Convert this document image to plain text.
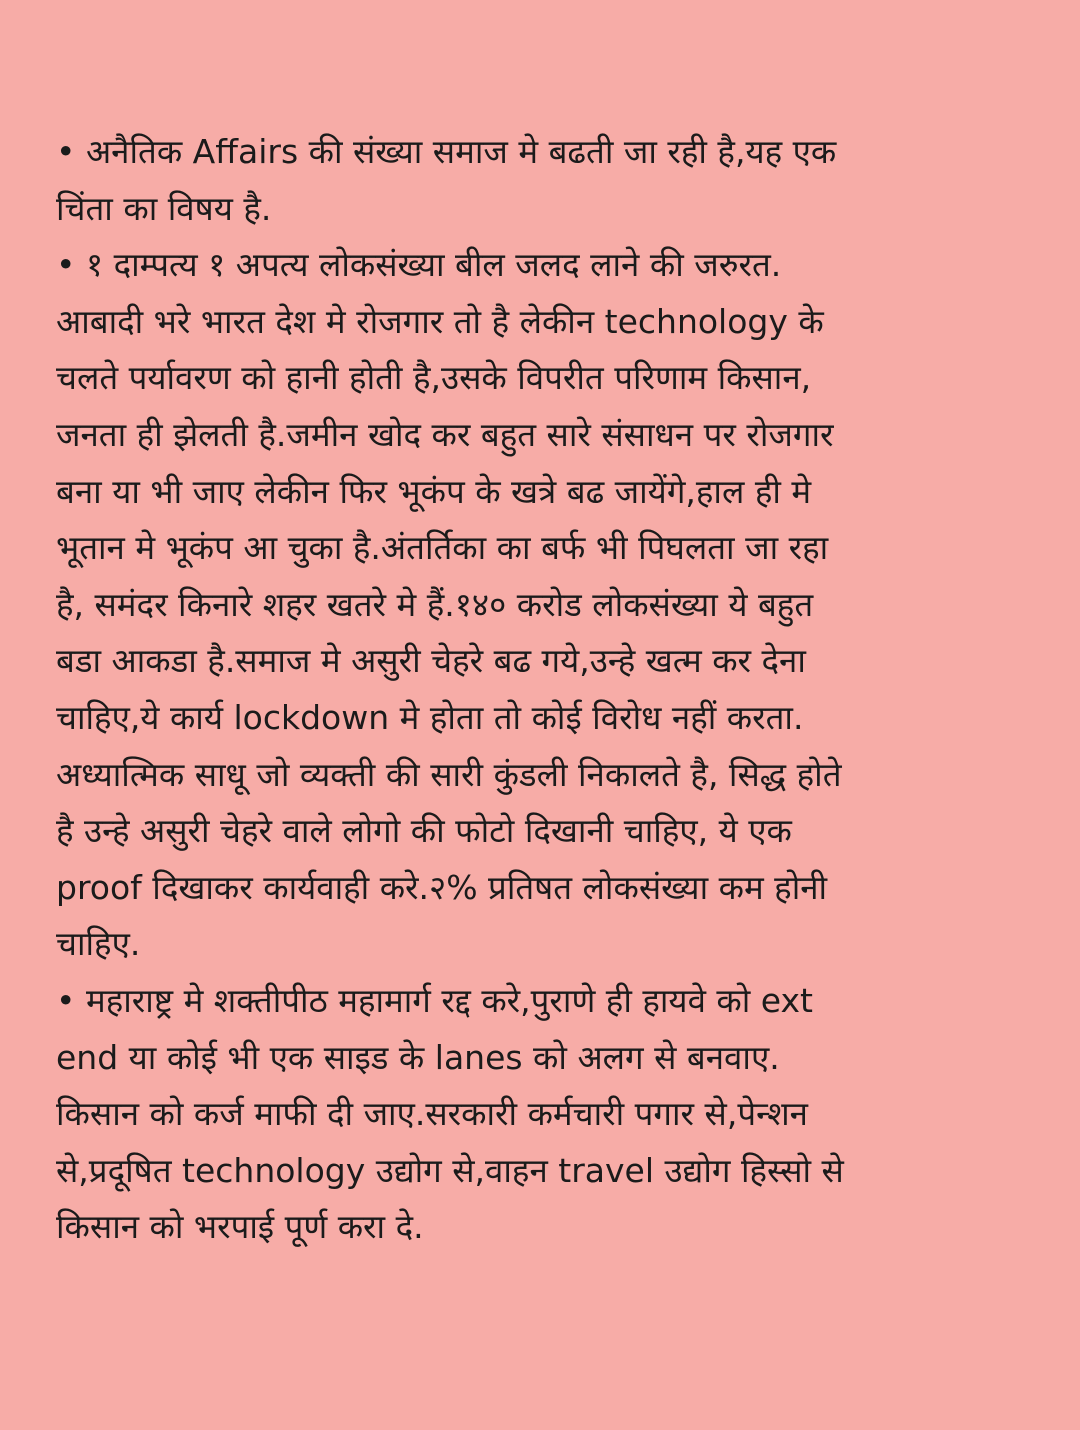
• अनैतिक Affairs की संख्या समाज मे बढती जा रही है,यह एक
चिंता का विषय है.
• १ दाम्पत्य १ अपत्य लोकसंख्या बील जलद लाने की जरुरत.
आबादी भरे भारत देश मे रोजगार तो है लेकीन technology के
चलते पर्यावरण को हानी होती है,उसके विपरीत परिणाम किसान,
जनता ही झेलती है.जमीन खोद कर बहुत सारे संसाधन पर रोजगार
बना या भी जाए लेकीन फिर भूकंप के खत्रे बढ जायेंगे,हाल ही मे
भूतान मे भूकंप आ चुका है.अंतर्तिका का बर्फ भी पिघलता जा रहा
है, समंदर किनारे शहर खतरे मे हैं.१४० करोड लोकसंख्या ये बहुत
बडा आकडा है.समाज मे असुरी चेहरे बढ गये,उन्हे खत्म कर देना
चाहिए,ये कार्य lockdown मे होता तो कोई विरोध नहीं करता.
अध्यात्मिक साधू जो व्यक्ती की सारी कुंडली निकालते है, सिद्ध होते
है उन्हे असुरी चेहरे वाले लोगो की फोटो दिखानी चाहिए, ये एक
proof दिखाकर कार्यवाही करे.२% प्रतिषत लोकसंख्या कम होनी
चाहिए.
• महाराष्ट्र मे शक्तीपीठ महामार्ग रद्द करे,पुराणे ही हायवे को ext
end या कोई भी एक साइड के lanes को अलग से बनवाए.
किसान को कर्ज माफी दी जाए.सरकारी कर्मचारी पगार से,पेन्शन
से,प्रदूषित technology उद्योग से,वाहन travel उद्योग हिस्सो से
किसान को भरपाई पूर्ण करा दे.
